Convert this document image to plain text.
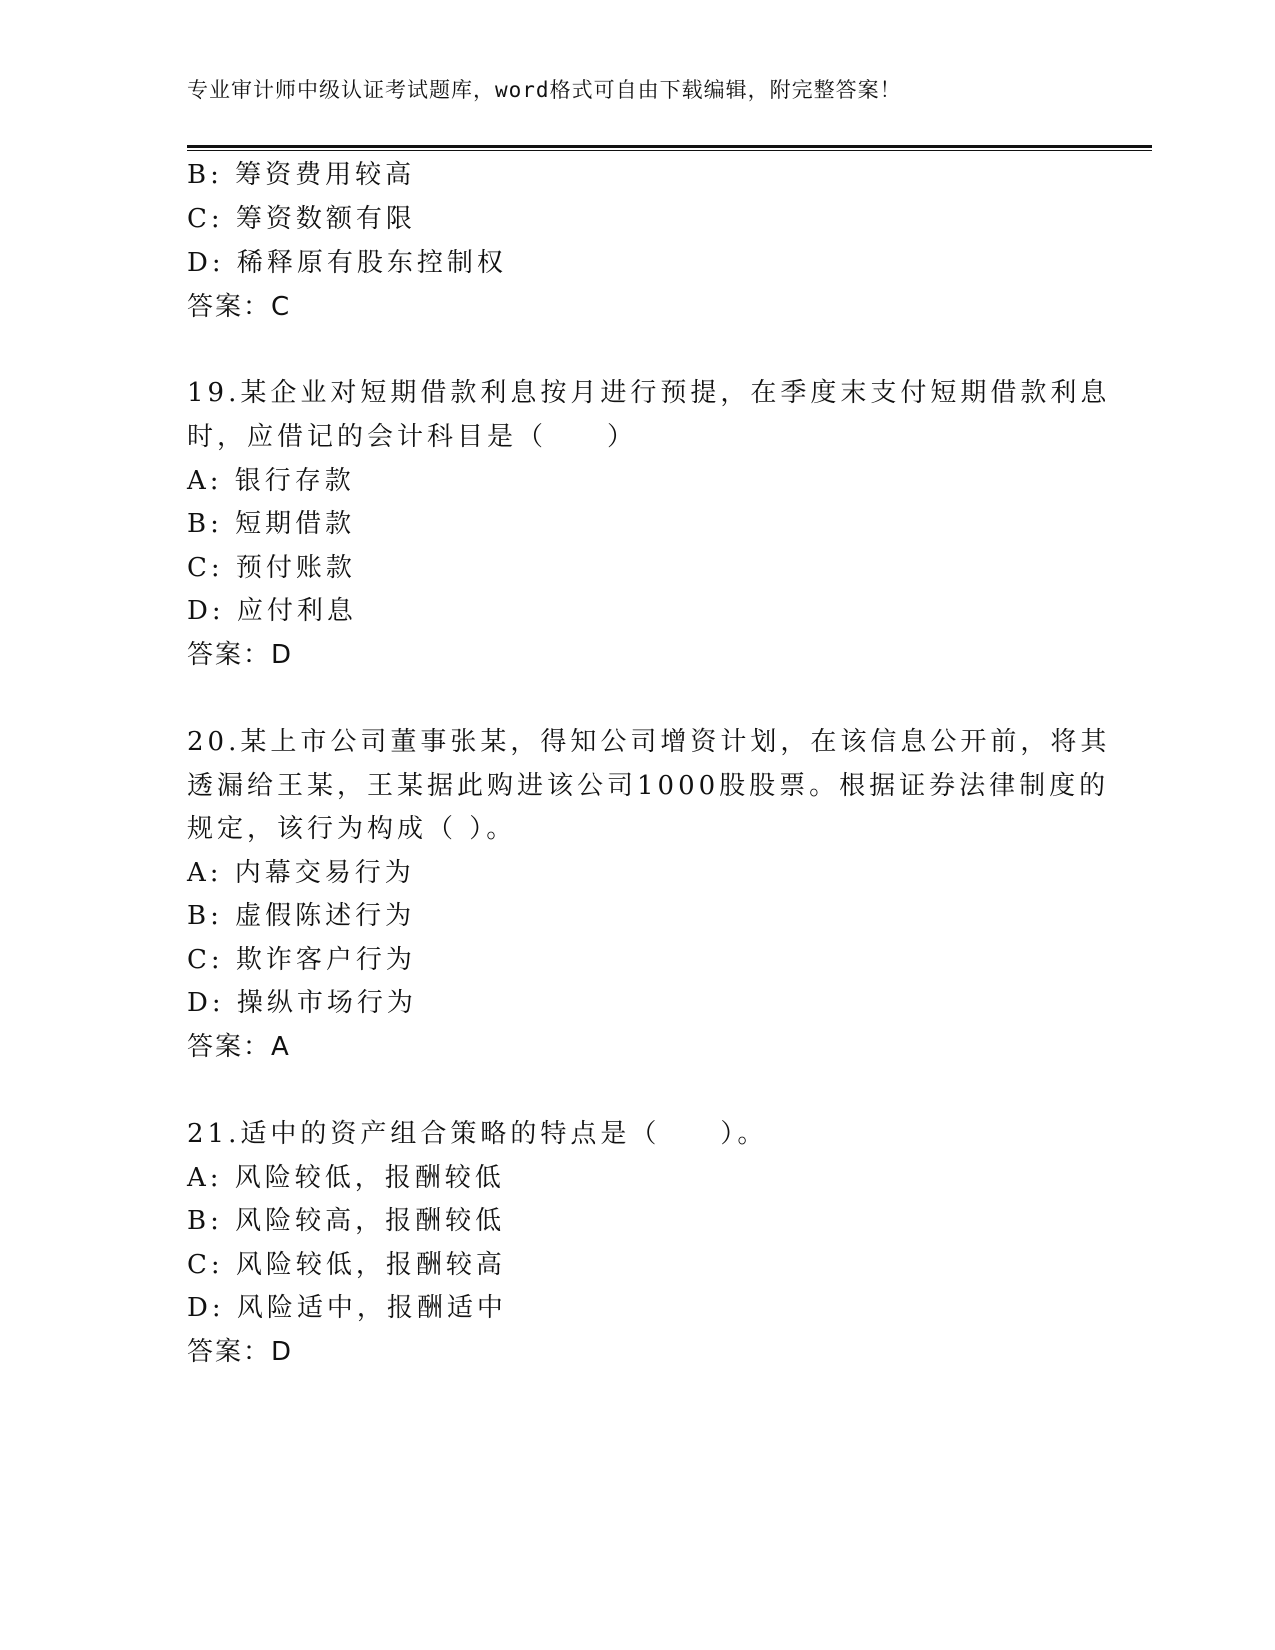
专业审计师中级认证考试题库，word格式可自由下载编辑，附完整答案！
B: 筹资费用较高
C: 筹资数额有限
D: 稀释原有股东控制权
答案：C
19.某企业对短期借款利息按月进行预提，在季度末支付短期借款利息
时，应借记的会计科目是（　　）
A: 银行存款
B: 短期借款
C: 预付账款
D: 应付利息
答案：D
20.某上市公司董事张某，得知公司增资计划，在该信息公开前，将其
透漏给王某，王某据此购进该公司1000股股票。根据证券法律制度的
规定，该行为构成（ ）。
A: 内幕交易行为
B: 虚假陈述行为
C: 欺诈客户行为
D: 操纵市场行为
答案：A
21.适中的资产组合策略的特点是（　　）。
A: 风险较低，报酬较低
B: 风险较高，报酬较低
C: 风险较低，报酬较高
D: 风险适中，报酬适中
答案：D
